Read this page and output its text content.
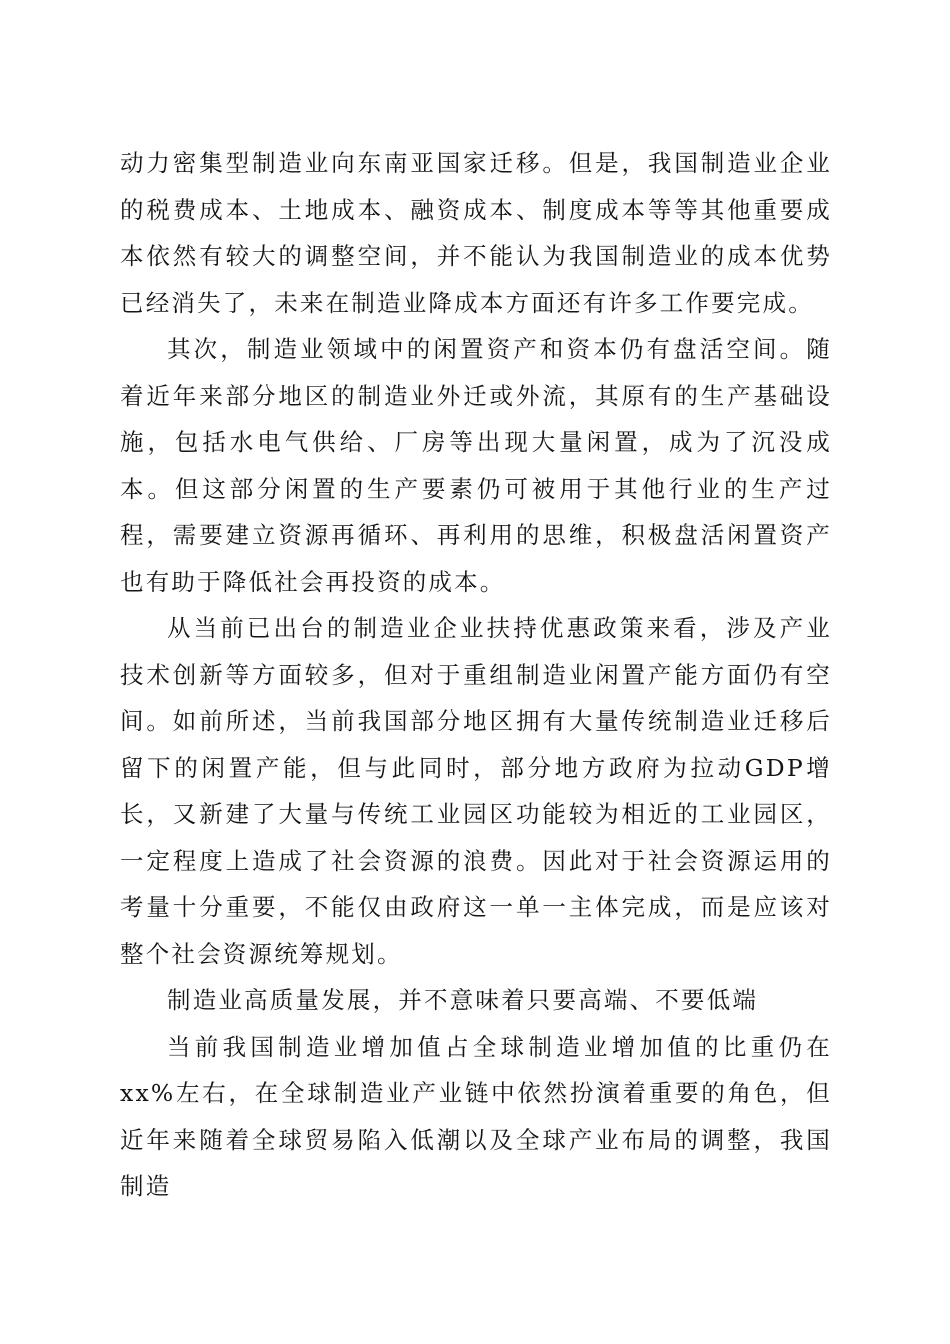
动力密集型制造业向东南亚国家迁移。但是，我国制造业企业的税费成本、土地成本、融资成本、制度成本等等其他重要成本依然有较大的调整空间，并不能认为我国制造业的成本优势已经消失了，未来在制造业降成本方面还有许多工作要完成。

其次，制造业领域中的闲置资产和资本仍有盘活空间。随着近年来部分地区的制造业外迁或外流，其原有的生产基础设施，包括水电气供给、厂房等出现大量闲置，成为了沉没成本。但这部分闲置的生产要素仍可被用于其他行业的生产过程，需要建立资源再循环、再利用的思维，积极盘活闲置资产也有助于降低社会再投资的成本。

从当前已出台的制造业企业扶持优惠政策来看，涉及产业技术创新等方面较多，但对于重组制造业闲置产能方面仍有空间。如前所述，当前我国部分地区拥有大量传统制造业迁移后留下的闲置产能，但与此同时，部分地方政府为拉动GDP增长，又新建了大量与传统工业园区功能较为相近的工业园区，一定程度上造成了社会资源的浪费。因此对于社会资源运用的考量十分重要，不能仅由政府这一单一主体完成，而是应该对整个社会资源统筹规划。

制造业高质量发展，并不意味着只要高端、不要低端

当前我国制造业增加值占全球制造业增加值的比重仍在xx%左右，在全球制造业产业链中依然扮演着重要的角色，但近年来随着全球贸易陷入低潮以及全球产业布局的调整，我国制造
